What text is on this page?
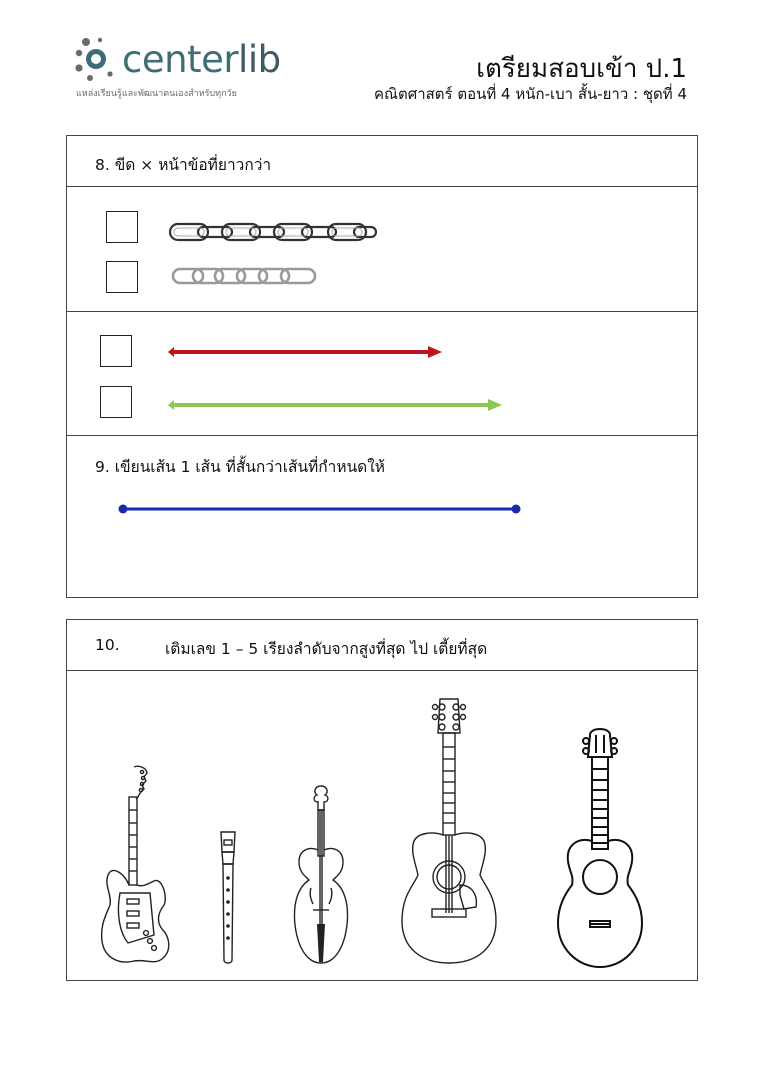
centerlib
แหล่งเรียนรู้และพัฒนาตนเองสำหรับทุกวัย
เตรียมสอบเข้า ป.1
คณิตศาสตร์ ตอนที่ 4 หนัก-เบา สั้น-ยาว : ชุดที่ 4
8. ขีด × หน้าข้อที่ยาวกว่า
9. เขียนเส้น 1 เส้น ที่สั้นกว่าเส้นที่กำหนดให้
10.	เติมเลข 1 – 5 เรียงลำดับจากสูงที่สุด ไป เตี้ยที่สุด
